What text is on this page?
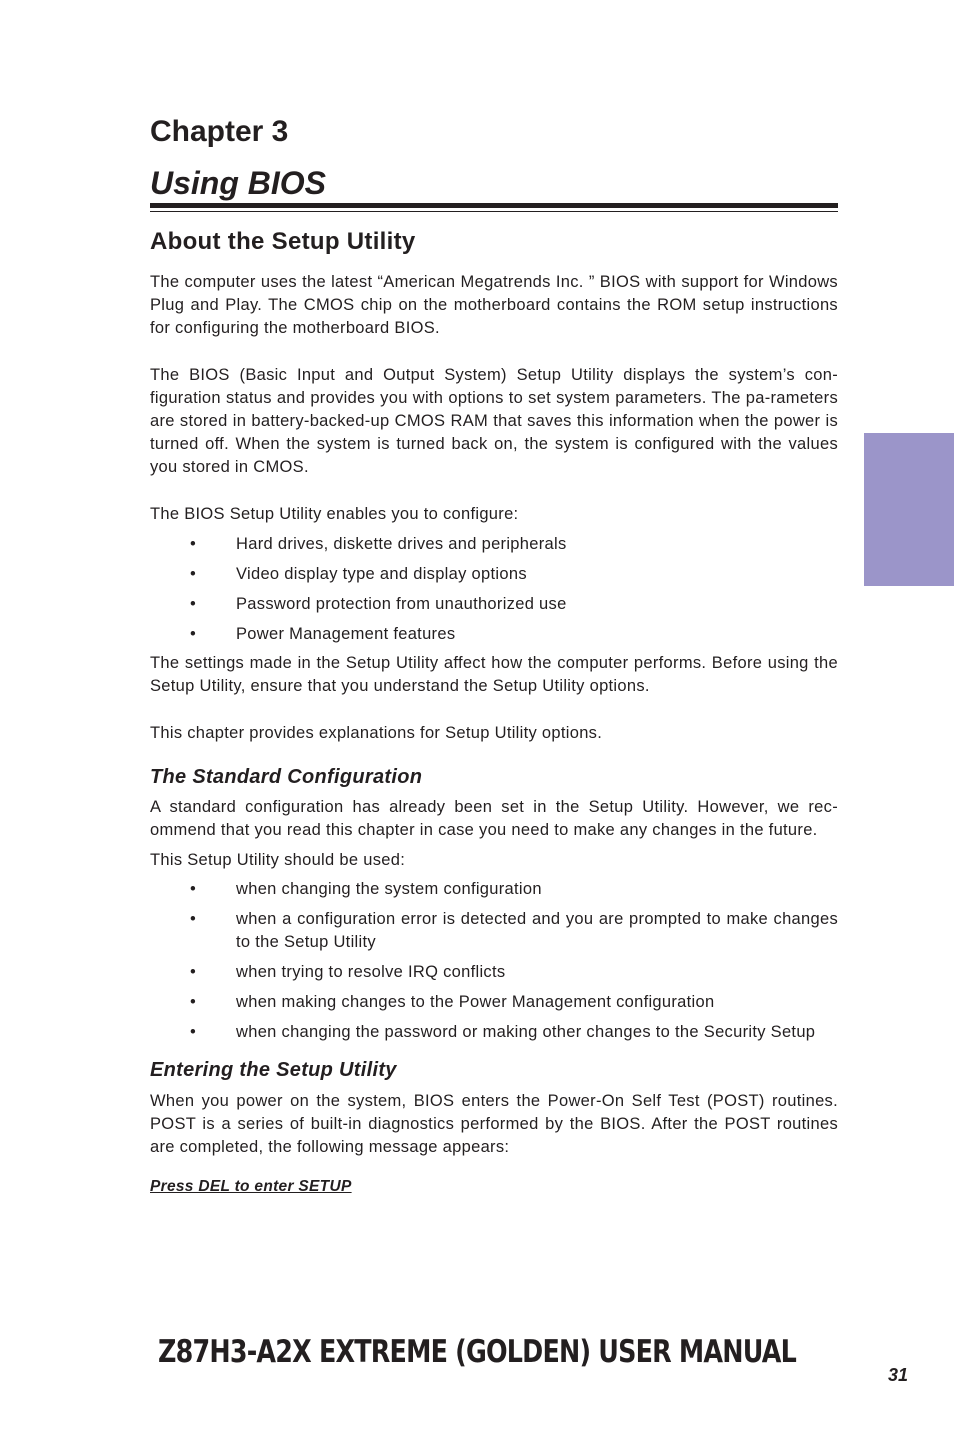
Chapter 3
Using BIOS
About the Setup Utility

The computer uses the latest “American Megatrends Inc. ” BIOS with support for Windows Plug and Play. The CMOS chip on the motherboard contains the ROM setup instructions for configuring the motherboard BIOS.

The BIOS (Basic Input and Output System) Setup Utility displays the system’s con-figuration status and provides you with options to set system parameters. The pa-rameters are stored in battery-backed-up CMOS RAM that saves this information when the power is turned off. When the system is turned back on, the system is configured with the values you stored in CMOS.

The BIOS Setup Utility enables you to configure:

• Hard drives, diskette drives and peripherals
• Video display type and display options
• Password protection from unauthorized use
• Power Management features

The settings made in the Setup Utility affect how the computer performs. Before using the Setup Utility, ensure that you understand the Setup Utility options.

This chapter provides explanations for Setup Utility options.

The Standard Configuration

A standard configuration has already been set in the Setup Utility. However, we rec-ommend that you read this chapter in case you need to make any changes in the future.

This Setup Utility should be used:

• when changing the system configuration
• when a configuration error is detected and you are prompted to make changes to the Setup Utility
• when trying to resolve IRQ conflicts
• when making changes to the Power Management configuration
• when changing the password or making other changes to the Security Setup
Entering the Setup Utility

When you power on the system, BIOS enters the Power-On Self Test (POST) routines. POST is a series of built-in diagnostics performed by the BIOS. After the POST routines are completed, the following message appears:

Press DEL to enter SETUP
Z87H3-A2X EXTREME (GOLDEN) USER MANUAL
31
